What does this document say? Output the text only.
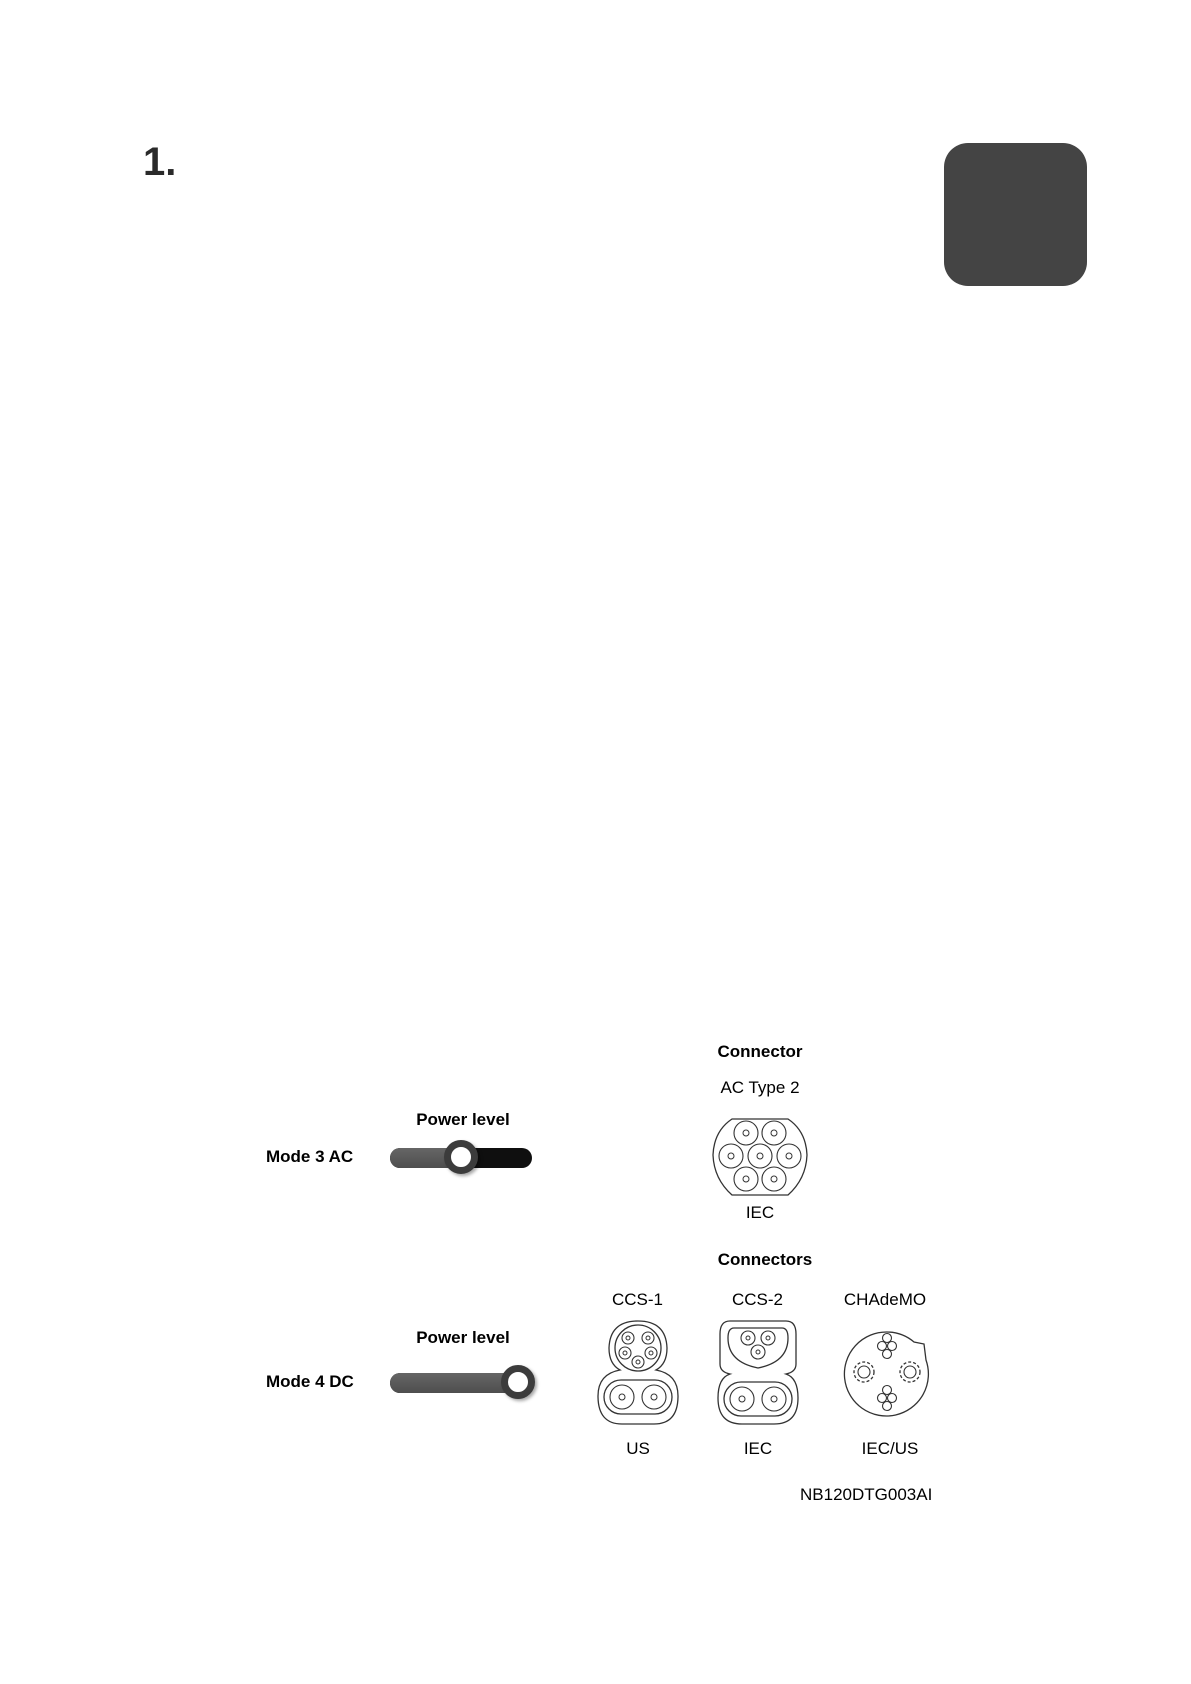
1.
Connector
AC Type 2
IEC
Mode 3 AC
Power level
Connectors
CCS-1	CCS-2	CHAdeMO
US	IEC	IEC/US
Mode 4 DC
Power level
NB120DTG003AI
